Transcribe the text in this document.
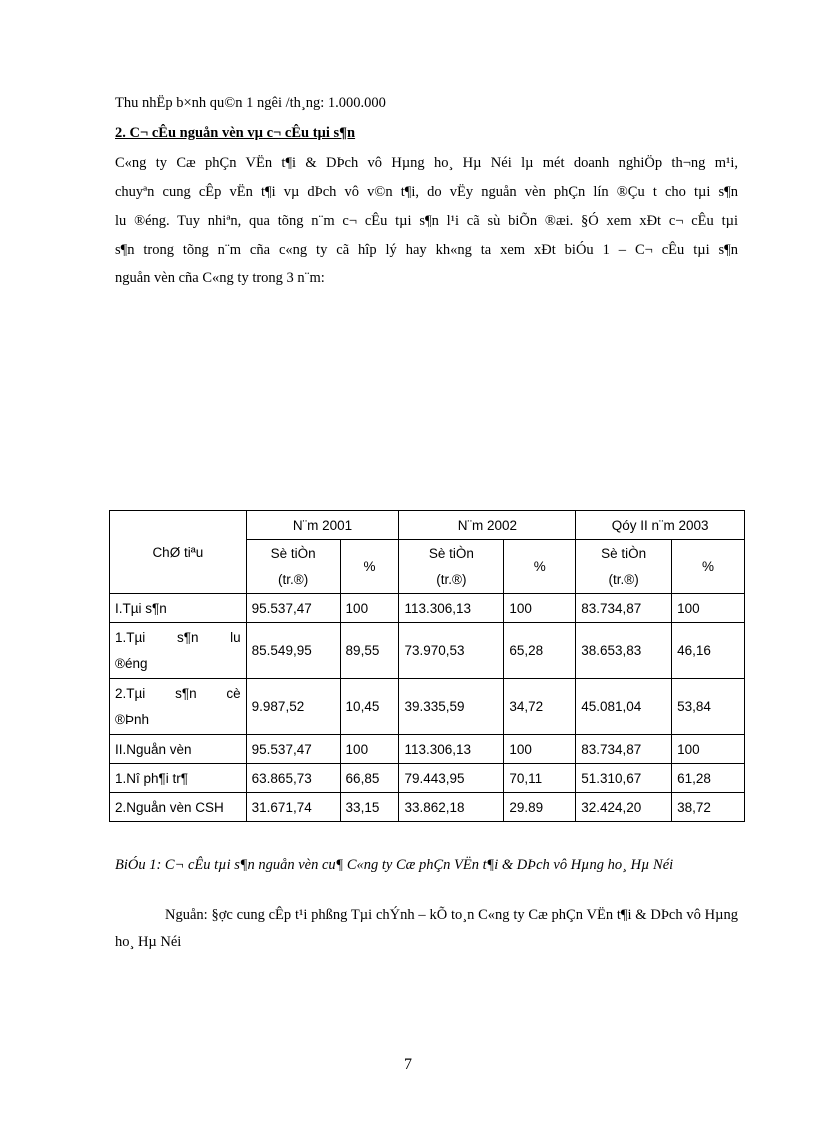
Thu nhËp b×nh qu©n 1 ngêi /th¸ng: 1.000.000
2. C¬ cÊu nguån vèn vµ c¬ cÊu tµi s¶n
C«ng ty Cæ phÇn VËn t¶i & DÞch vô Hµng ho¸ Hµ Néi lµ mét doanh nghiÖp th¬ng m¹i,
chuyªn cung cÊp vËn t¶i vµ dÞch vô v©n t¶i, do vËy nguån vèn phÇn lín ®Çu t cho tµi s¶n
lu ®éng. Tuy nhiªn, qua tõng n¨m c¬ cÊu tµi s¶n l¹i cã sù biÕn ®æi. §Ó xem xÐt c¬ cÊu tµi
s¶n trong tõng n¨m cña c«ng ty cã hîp lý hay kh«ng ta xem xÐt biÓu 1 – C¬ cÊu tµi s¶n
nguån vèn cña C«ng ty trong 3 n¨m:
ChØ tiªu	N¨m 2001		N¨m 2002		Qóy II n¨m 2003	

	Sè tiÒn
(tr.®)	%	Sè tiÒn
(tr.®)	%	Sè tiÒn
(tr.®)	%
I.Tµi s¶n	95.537,47	100	113.306,13	100	83.734,87	100

1.Tµi s¶n lu
®éng	85.549,95	89,55	73.970,53	65,28	38.653,83	46,16

2.Tµi s¶n cè
®Þnh	9.987,52	10,45	39.335,59	34,72	45.081,04	53,84
II.Nguån vèn	95.537,47	100	113.306,13	100	83.734,87	100
1.Nî ph¶i tr¶	63.865,73	66,85	79.443,95	70,11	51.310,67	61,28
2.Nguån vèn CSH	31.671,74	33,15	33.862,18	29.89	32.424,20	38,72
BiÓu 1: C¬ cÊu tµi s¶n nguån vèn cu¶ C«ng ty Cæ phÇn VËn t¶i & DÞch vô Hµng ho¸ Hµ Néi
Nguån: §ợc cung cÊp t¹i phßng Tµi chÝnh – kÕ to¸n C«ng ty Cæ phÇn VËn t¶i & DÞch vô Hµng ho¸ Hµ Néi
7
